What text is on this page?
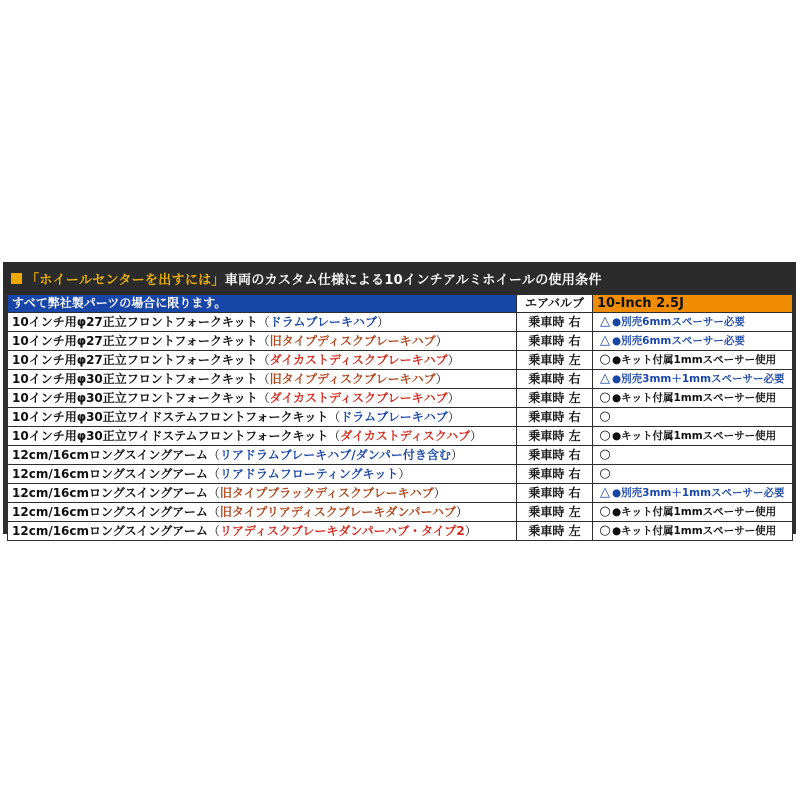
「ホイールセンターを出すには」 車両のカスタム仕様による10インチアルミホイールの使用条件
すべて弊社製パーツの場合に限ります。	エアバルブ	10-Inch 2.5J
10インチ用φ27正立フロントフォークキット（ドラムブレーキハブ）	乗車時 右	△ ●別売6mmスペーサー必要
10インチ用φ27正立フロントフォークキット（旧タイプディスクブレーキハブ）	乗車時 右	△ ●別売6mmスペーサー必要
10インチ用φ27正立フロントフォークキット（ダイカストディスクブレーキハブ）	乗車時 左	○●キット付属1mmスペーサー使用
10インチ用φ30正立フロントフォークキット（旧タイプディスクブレーキハブ）	乗車時 右	△ ●別売3mm＋1mmスペーサー必要
10インチ用φ30正立フロントフォークキット（ダイカストディスクブレーキハブ）	乗車時 左	○●キット付属1mmスペーサー使用
10インチ用φ30正立ワイドステムフロントフォークキット（ドラムブレーキハブ）	乗車時 右	○
10インチ用φ30正立ワイドステムフロントフォークキット（ダイカストディスクハブ）	乗車時 左	○●キット付属1mmスペーサー使用
12cm/16cmロングスイングアーム（リアドラムブレーキハブ/ダンパー付き含む）	乗車時 右	○
12cm/16cmロングスイングアーム（リアドラムフローティングキット）	乗車時 右	○
12cm/16cmロングスイングアーム（旧タイプブラックディスクブレーキハブ）	乗車時 右	△ ●別売3mm＋1mmスペーサー必要
12cm/16cmロングスイングアーム（旧タイプリアディスクブレーキダンパーハブ）	乗車時 左	○●キット付属1mmスペーサー使用
12cm/16cmロングスイングアーム（リアディスクブレーキダンパーハブ・タイプ2）	乗車時 左	○●キット付属1mmスペーサー使用
